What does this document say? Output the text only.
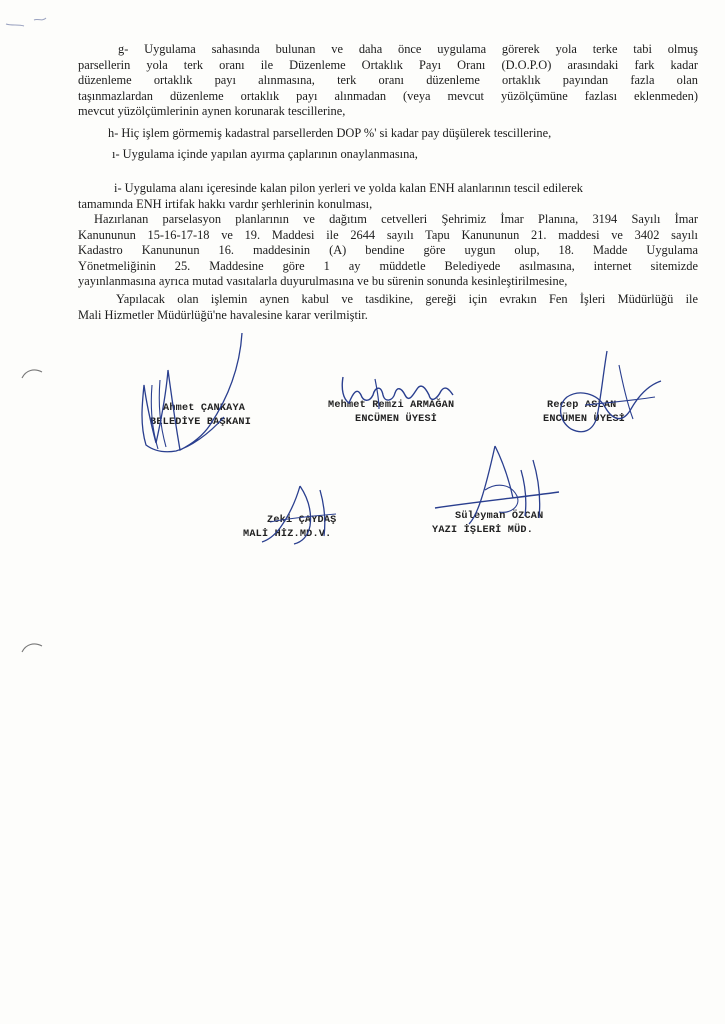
g- Uygulama sahasında bulunan ve daha önce uygulama görerek yola terke tabi olmuş
parsellerin yola terk oranı ile Düzenleme Ortaklık Payı Oranı (D.O.P.O) arasındaki fark kadar
düzenleme ortaklık payı alınmasına, terk oranı düzenleme ortaklık payından fazla olan
taşınmazlardan düzenleme ortaklık payı alınmadan (veya mevcut yüzölçümüne fazlası eklenmeden)
mevcut yüzölçümlerinin aynen korunarak tescillerine,
h- Hiç işlem görmemiş kadastral parsellerden DOP %' si kadar pay düşülerek tescillerine,
ı- Uygulama içinde yapılan ayırma çaplarının onaylanmasına,
i- Uygulama alanı içeresinde kalan pilon yerleri ve yolda kalan ENH alanlarının tescil edilerek
tamamında ENH irtifak hakkı vardır şerhlerinin konulması,
Hazırlanan parselasyon planlarının ve dağıtım cetvelleri Şehrimiz İmar Planına, 3194 Sayılı İmar
Kanununun 15-16-17-18 ve 19. Maddesi ile 2644 sayılı Tapu Kanununun 21. maddesi ve 3402 sayılı
Kadastro Kanununun 16. maddesinin (A) bendine göre uygun olup, 18. Madde Uygulama
Yönetmeliğinin 25. Maddesine göre 1 ay müddetle Belediyede asılmasına, internet sitemizde
yayınlanmasına ayrıca mutad vasıtalarla duyurulmasına ve bu sürenin sonunda kesinleştirilmesine,
Yapılacak olan işlemin aynen kabul ve tasdikine, gereği için evrakın Fen İşleri Müdürlüğü ile
Mali Hizmetler Müdürlüğü'ne havalesine karar verilmiştir.
Ahmet ÇANKAYA
BELEDİYE BAŞKANI
Mehmet Remzi ARMAĞAN
ENCÜMEN ÜYESİ
Recep ASLAN
ENCÜMEN ÜYESİ
Zeki ÇAYDAŞ
MALİ HİZ.MD.V.
Süleyman ÖZCAN
YAZI İŞLERİ MÜD.
